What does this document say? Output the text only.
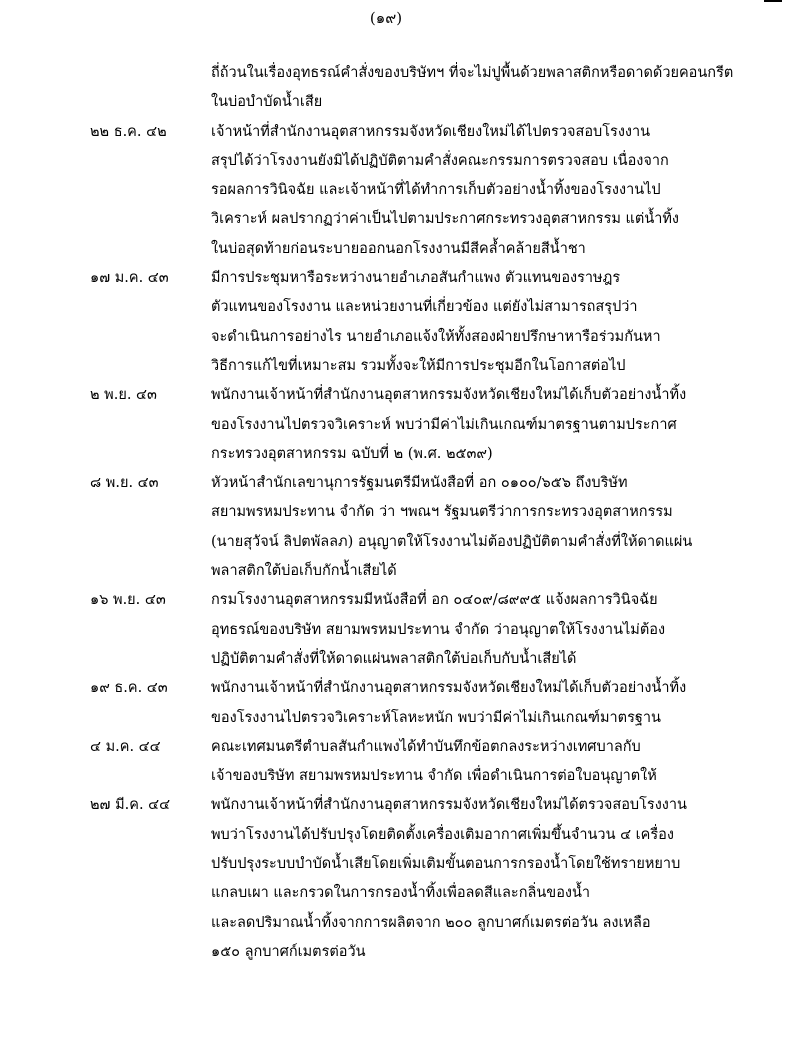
(๑๙)
ถี่ถ้วนในเรื่องอุทธรณ์คำสั่งของบริษัทฯ ที่จะไม่ปูพื้นด้วยพลาสติกหรือดาดด้วยคอนกรีต
ในบ่อบำบัดน้ำเสีย
๒๒ ธ.ค. ๔๒	เจ้าหน้าที่สำนักงานอุตสาหกรรมจังหวัดเชียงใหม่ได้ไปตรวจสอบโรงงาน
สรุปได้ว่าโรงงานยังมิได้ปฏิบัติตามคำสั่งคณะกรรมการตรวจสอบ เนื่องจาก
รอผลการวินิจฉัย และเจ้าหน้าที่ได้ทำการเก็บตัวอย่างน้ำทิ้งของโรงงานไป
วิเคราะห์ ผลปรากฏว่าค่าเป็นไปตามประกาศกระทรวงอุตสาหกรรม แต่น้ำทิ้ง
ในบ่อสุดท้ายก่อนระบายออกนอกโรงงานมีสีคล้ำคล้ายสีน้ำชา
๑๗ ม.ค. ๔๓	มีการประชุมหารือระหว่างนายอำเภอสันกำแพง ตัวแทนของราษฎร
ตัวแทนของโรงงาน และหน่วยงานที่เกี่ยวข้อง แต่ยังไม่สามารถสรุปว่า
จะดำเนินการอย่างไร นายอำเภอแจ้งให้ทั้งสองฝ่ายปรึกษาหารือร่วมกันหา
วิธีการแก้ไขที่เหมาะสม รวมทั้งจะให้มีการประชุมอีกในโอกาสต่อไป
๒ พ.ย. ๔๓	พนักงานเจ้าหน้าที่สำนักงานอุตสาหกรรมจังหวัดเชียงใหม่ได้เก็บตัวอย่างน้ำทิ้ง
ของโรงงานไปตรวจวิเคราะห์ พบว่ามีค่าไม่เกินเกณฑ์มาตรฐานตามประกาศ
กระทรวงอุตสาหกรรม ฉบับที่ ๒ (พ.ศ. ๒๕๓๙)
๘ พ.ย. ๔๓	หัวหน้าสำนักเลขานุการรัฐมนตรีมีหนังสือที่ อก ๐๑๐๐/๖๕๖ ถึงบริษัท
สยามพรหมประทาน จำกัด ว่า ฯพณฯ รัฐมนตรีว่าการกระทรวงอุตสาหกรรม
(นายสุวัจน์ ลิปตพัลลภ) อนุญาตให้โรงงานไม่ต้องปฏิบัติตามคำสั่งที่ให้ดาดแผ่น
พลาสติกใต้บ่อเก็บกักน้ำเสียได้
๑๖ พ.ย. ๔๓	กรมโรงงานอุตสาหกรรมมีหนังสือที่ อก ๐๔๐๙/๘๙๙๕ แจ้งผลการวินิจฉัย
อุทธรณ์ของบริษัท สยามพรหมประทาน จำกัด ว่าอนุญาตให้โรงงานไม่ต้อง
ปฏิบัติตามคำสั่งที่ให้ดาดแผ่นพลาสติกใต้บ่อเก็บกับน้ำเสียได้
๑๙ ธ.ค. ๔๓	พนักงานเจ้าหน้าที่สำนักงานอุตสาหกรรมจังหวัดเชียงใหม่ได้เก็บตัวอย่างน้ำทิ้ง
ของโรงงานไปตรวจวิเคราะห์โลหะหนัก พบว่ามีค่าไม่เกินเกณฑ์มาตรฐาน
๔ ม.ค. ๔๔	คณะเทศมนตรีตำบลสันกำแพงได้ทำบันทึกข้อตกลงระหว่างเทศบาลกับ
เจ้าของบริษัท สยามพรหมประทาน จำกัด เพื่อดำเนินการต่อใบอนุญาตให้
๒๗ มี.ค. ๔๔	พนักงานเจ้าหน้าที่สำนักงานอุตสาหกรรมจังหวัดเชียงใหม่ได้ตรวจสอบโรงงาน
พบว่าโรงงานได้ปรับปรุงโดยติดตั้งเครื่องเติมอากาศเพิ่มขึ้นจำนวน ๔ เครื่อง
ปรับปรุงระบบบำบัดน้ำเสียโดยเพิ่มเติมขั้นตอนการกรองน้ำโดยใช้ทรายหยาบ
แกลบเผา และกรวดในการกรองน้ำทิ้งเพื่อลดสีและกลิ่นของน้ำ
และลดปริมาณน้ำทิ้งจากการผลิตจาก ๒๐๐ ลูกบาศก์เมตรต่อวัน ลงเหลือ
๑๕๐ ลูกบาศก์เมตรต่อวัน
